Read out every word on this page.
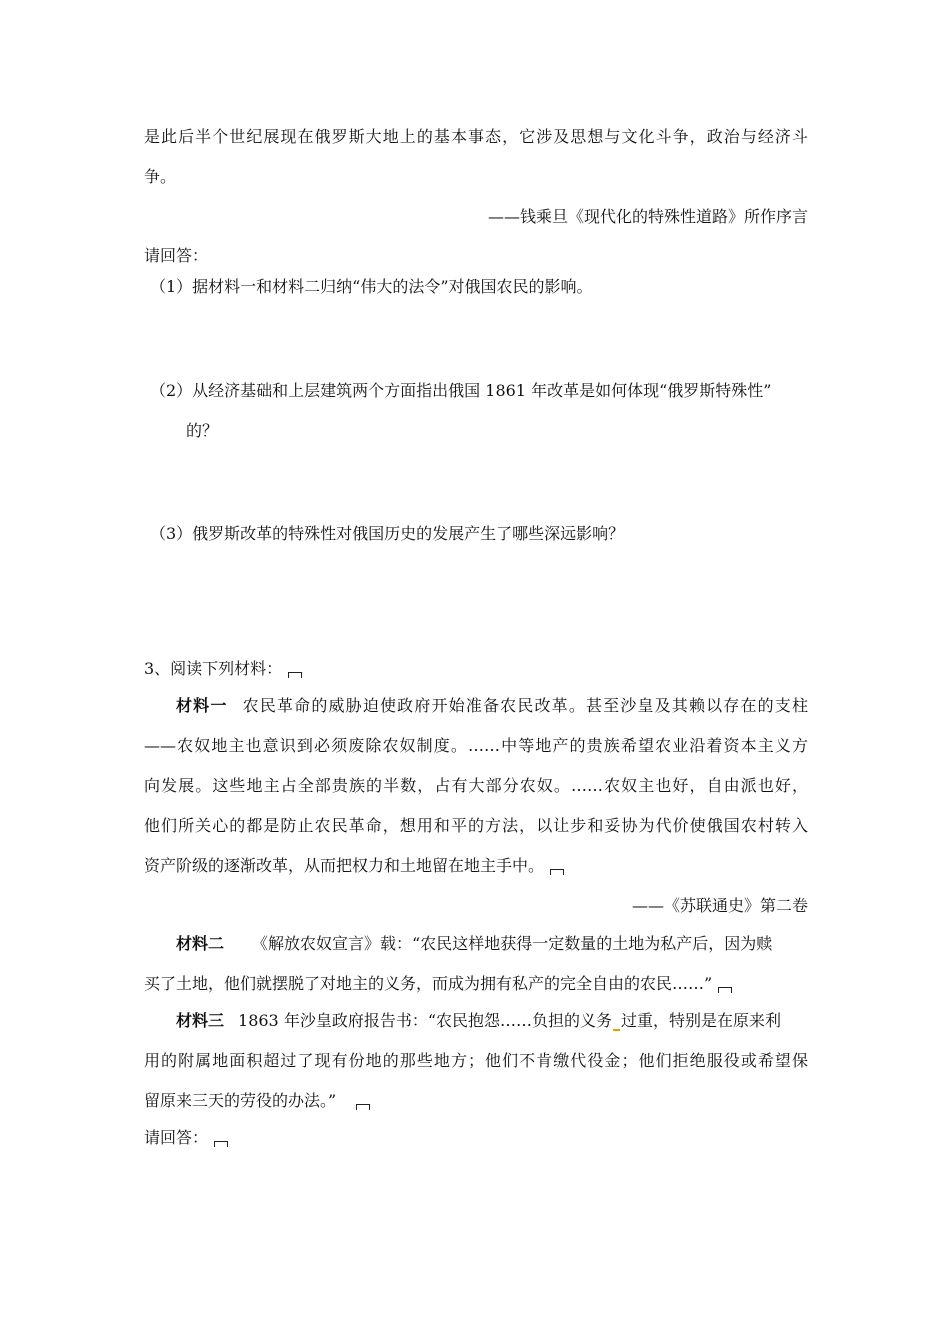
是此后半个世纪展现在俄罗斯大地上的基本事态，它涉及思想与文化斗争，政治与经济斗
争。
——钱乘旦《现代化的特殊性道路》所作序言
请回答：
（1）据材料一和材料二归纳“伟大的法令”对俄国农民的影响。
（2）从经济基础和上层建筑两个方面指出俄国 1861 年改革是如何体现“俄罗斯特殊性”
的？
（3）俄罗斯改革的特殊性对俄国历史的发展产生了哪些深远影响？
3、阅读下列材料：
材料一 农民革命的威胁迫使政府开始准备农民改革。甚至沙皇及其赖以存在的支柱
——农奴地主也意识到必须废除农奴制度。……中等地产的贵族希望农业沿着资本主义方
向发展。这些地主占全部贵族的半数，占有大部分农奴。……农奴主也好，自由派也好，
他们所关心的都是防止农民革命，想用和平的方法，以让步和妥协为代价使俄国农村转入
资产阶级的逐渐改革，从而把权力和土地留在地主手中。
——《苏联通史》第二卷
材料二 《解放农奴宣言》载：“农民这样地获得一定数量的土地为私产后，因为赎
买了土地，他们就摆脱了对地主的义务，而成为拥有私产的完全自由的农民……”
材料三 1863 年沙皇政府报告书：“农民抱怨……负担的义务 过重，特别是在原来利
用的附属地面积超过了现有份地的那些地方；他们不肯缴代役金；他们拒绝服役或希望保
留原来三天的劳役的办法。”
请回答：
